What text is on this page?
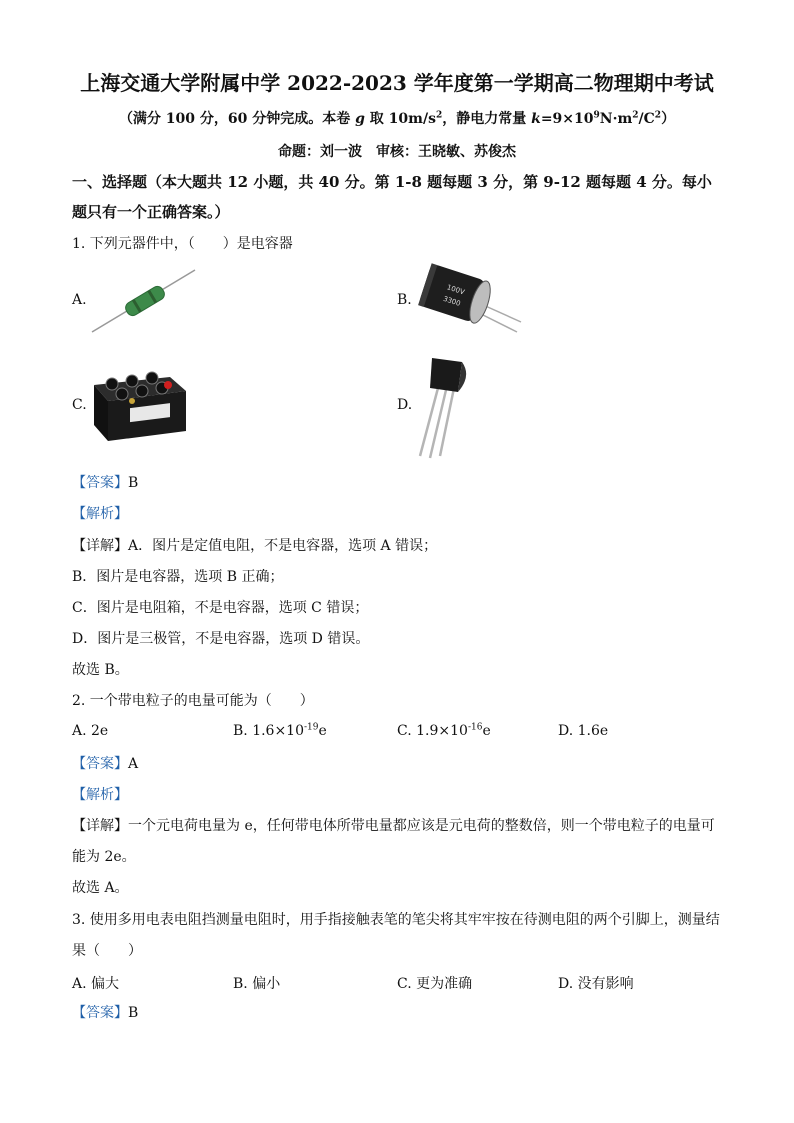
上海交通大学附属中学 2022-2023 学年度第一学期高二物理期中考试
（满分 100 分，60 分钟完成。本卷 g 取 $10m/s^2$，静电力常量 $k=9\times 10^9N\cdot m^2/C^2$）
命题：刘一波　审核：王晓敏、苏俊杰
一、选择题（本大题共 12 小题，共 40 分。第 1-8 题每题 3 分，第 9-12 题每题 4 分。每小
题只有一个正确答案。）
1. 下列元器件中，（　　）是电容器
A.	B.
100V
3300
C.	D.
【答案】B
【解析】
【详解】A．图片是定值电阻，不是电容器，选项 A 错误；
B．图片是电容器，选项 B 正确；
C．图片是电阻箱，不是电容器，选项 C 错误；
D．图片是三极管，不是电容器，选项 D 错误。
故选 B。
2. 一个带电粒子的电量可能为（　　）
A. 2e	B. $1.6\times 10^{-19}e$	C. $1.9\times 10^{-16}e$	D. 1.6e
【答案】A
【解析】
【详解】一个元电荷电量为 e，任何带电体所带电量都应该是元电荷的整数倍，则一个带电粒子的电量可
能为 2e。
故选 A。
3. 使用多用电表电阻挡测量电阻时，用手指接触表笔的笔尖将其牢牢按在待测电阻的两个引脚上，测量结
果（　　）
A. 偏大	B. 偏小	C. 更为准确	D. 没有影响
【答案】B
